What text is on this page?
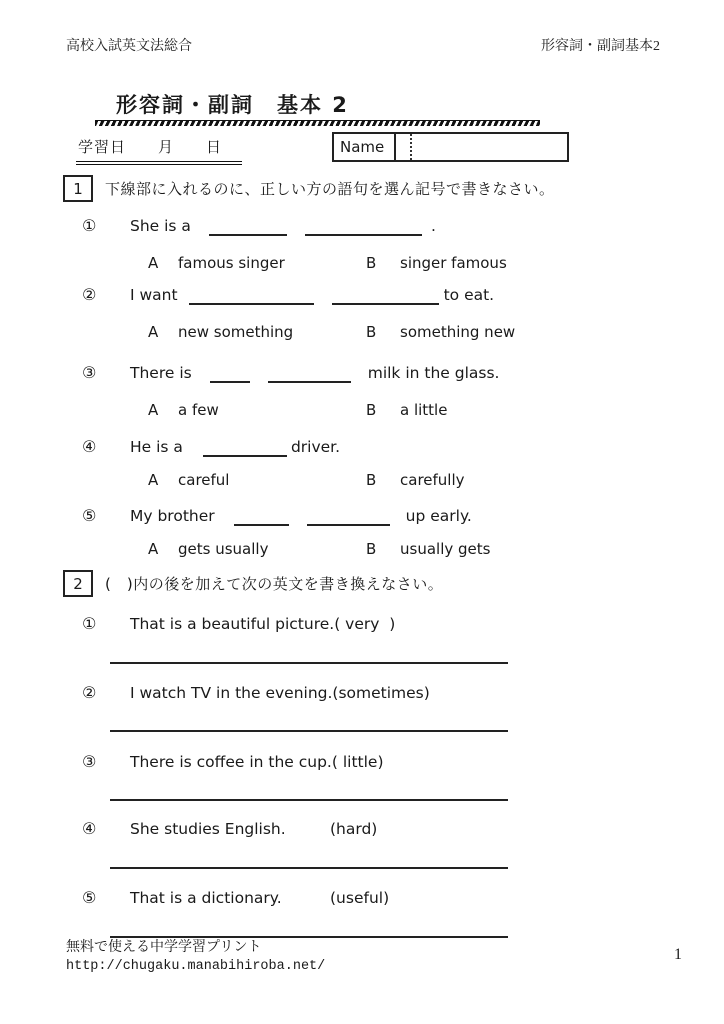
高校入試英文法総合	形容詞・副詞基本2
形容詞・副詞　基本 2
学習日　　月　　日	Name
1	下線部に入れるのに、正しい方の語句を選ん記号で書きなさい。
①	She is a	.
A	famous singer	B	singer famous
②	I want	to eat.
A	new something	B	something new
③	There is	milk in the glass.
A	a few	B	a little
④	He is a	driver.
A	careful	B	carefully
⑤	My brother	up early.
A	gets usually	B	usually gets
2	(　)内の後を加えて次の英文を書き換えなさい。
①	That is a beautiful picture. ( very  )
②	I watch TV in the evening. (sometimes)
③	There is coffee in the cup. ( little)
④	She studies English.	(hard)
⑤	That is a dictionary.	(useful)
無料で使える中学学習プリント
http://chugaku.manabihiroba.net/
1
